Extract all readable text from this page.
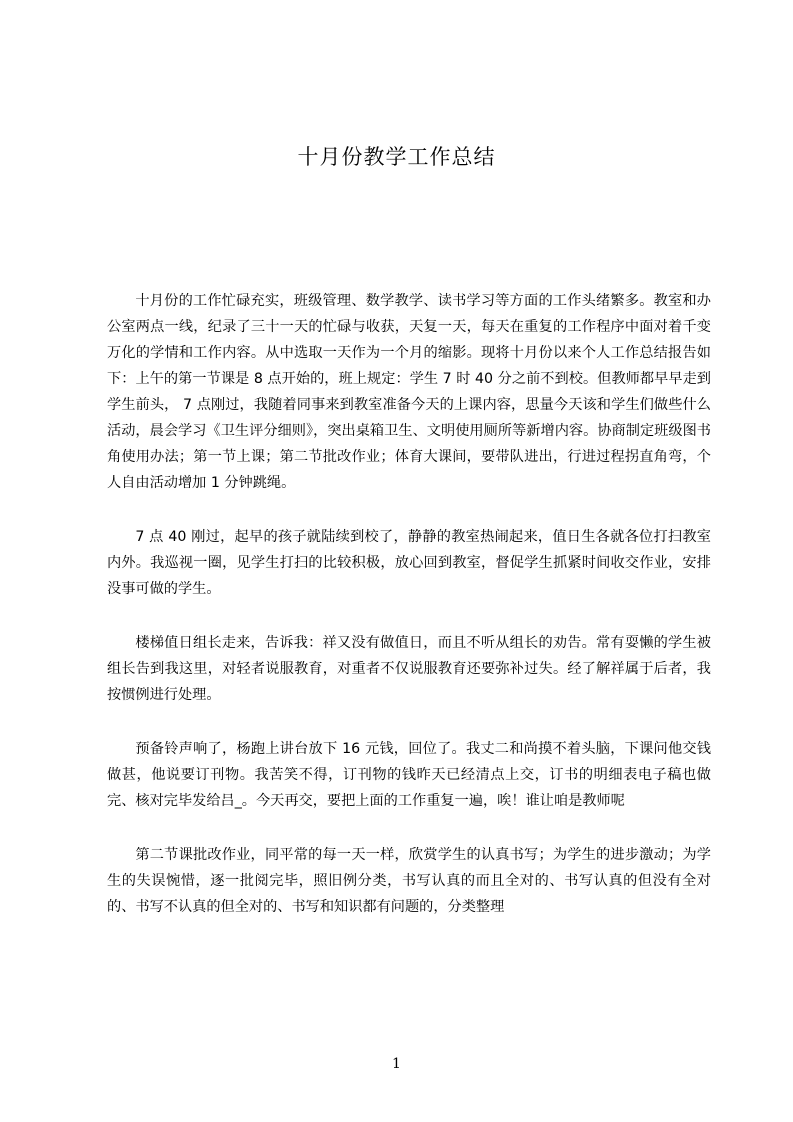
十月份教学工作总结

十月份的工作忙碌充实，班级管理、数学教学、读书学习等方面的工作头绪繁多。教室和办公室两点一线，纪录了三十一天的忙碌与收获，天复一天，每天在重复的工作程序中面对着千变万化的学情和工作内容。从中选取一天作为一个月的缩影。现将十月份以来个人工作总结报告如下：上午的第一节课是 8 点开始的，班上规定：学生 7 时 40 分之前不到校。但教师都早早走到学生前头， 7 点刚过，我随着同事来到教室准备今天的上课内容，思量今天该和学生们做些什么活动，晨会学习《卫生评分细则》，突出桌箱卫生、文明使用厕所等新增内容。协商制定班级图书角使用办法；第一节上课；第二节批改作业；体育大课间，要带队进出，行进过程拐直角弯，个人自由活动增加 1 分钟跳绳。

7 点 40 刚过，起早的孩子就陆续到校了，静静的教室热闹起来，值日生各就各位打扫教室内外。我巡视一圈，见学生打扫的比较积极，放心回到教室，督促学生抓紧时间收交作业，安排没事可做的学生。

楼梯值日组长走来，告诉我：祥又没有做值日，而且不听从组长的劝告。常有耍懒的学生被组长告到我这里，对轻者说服教育，对重者不仅说服教育还要弥补过失。经了解祥属于后者，我按惯例进行处理。

预备铃声响了，杨跑上讲台放下 16 元钱，回位了。我丈二和尚摸不着头脑，下课问他交钱做甚，他说要订刊物。我苦笑不得，订刊物的钱昨天已经清点上交，订书的明细表电子稿也做完、核对完毕发给吕_。今天再交，要把上面的工作重复一遍，唉！谁让咱是教师呢

第二节课批改作业，同平常的每一天一样，欣赏学生的认真书写；为学生的进步激动；为学生的失误惋惜，逐一批阅完毕，照旧例分类，书写认真的而且全对的、书写认真的但没有全对的、书写不认真的但全对的、书写和知识都有问题的，分类整理

1
